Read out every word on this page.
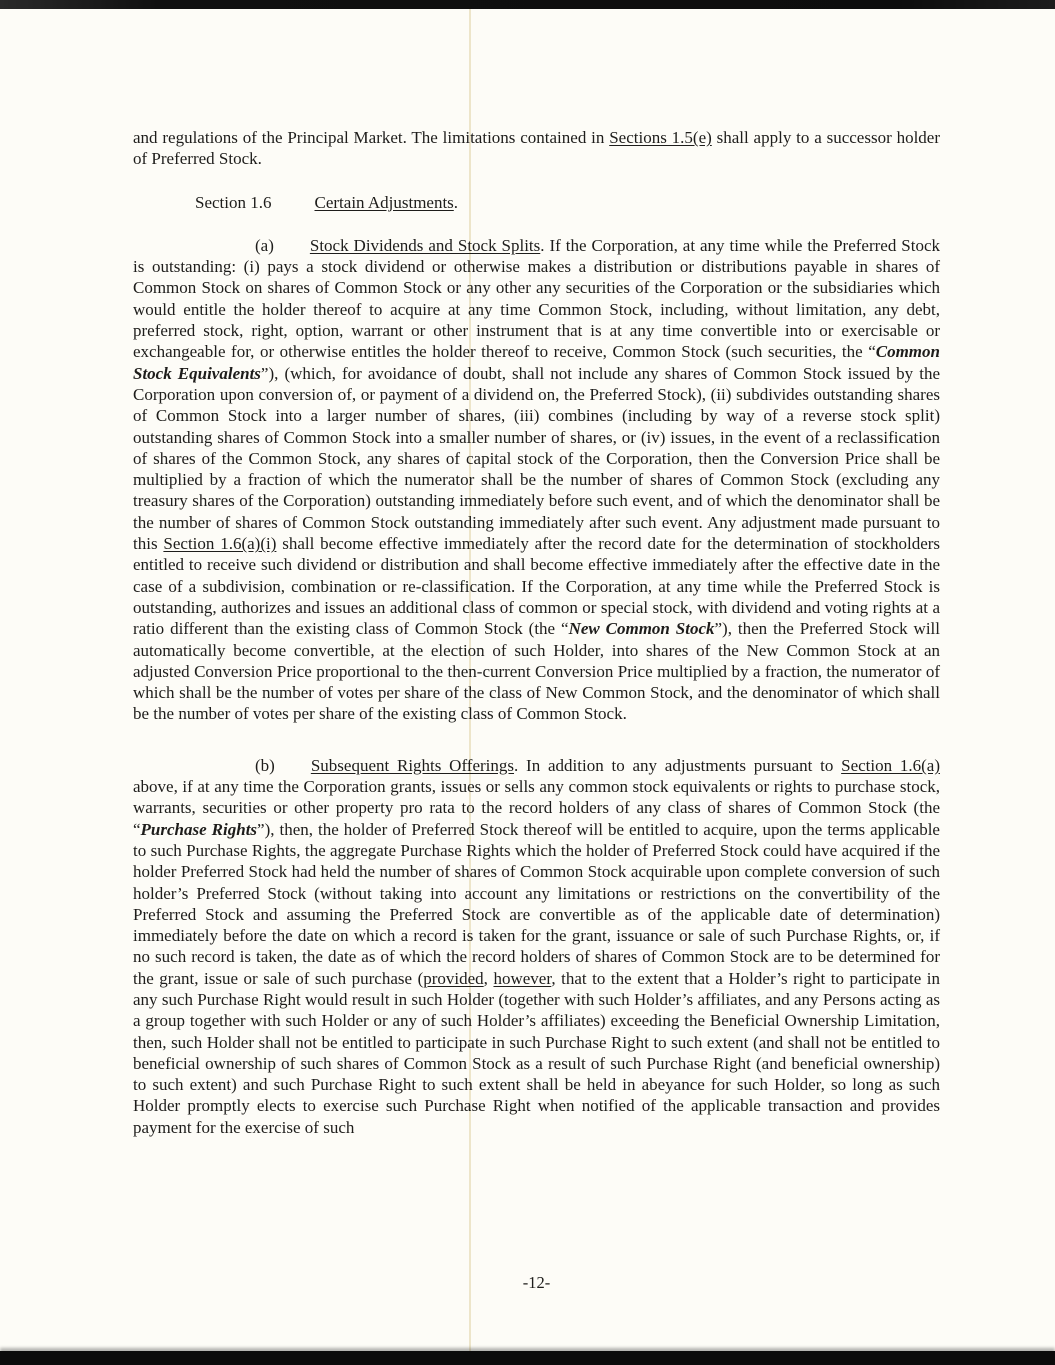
and regulations of the Principal Market. The limitations contained in Sections 1.5(e) shall apply to a successor holder of Preferred Stock.

Section 1.6	Certain Adjustments.

(a) Stock Dividends and Stock Splits. If the Corporation, at any time while the Preferred Stock is outstanding: (i) pays a stock dividend or otherwise makes a distribution or distributions payable in shares of Common Stock on shares of Common Stock or any other any securities of the Corporation or the subsidiaries which would entitle the holder thereof to acquire at any time Common Stock, including, without limitation, any debt, preferred stock, right, option, warrant or other instrument that is at any time convertible into or exercisable or exchangeable for, or otherwise entitles the holder thereof to receive, Common Stock (such securities, the “Common Stock Equivalents”), (which, for avoidance of doubt, shall not include any shares of Common Stock issued by the Corporation upon conversion of, or payment of a dividend on, the Preferred Stock), (ii) subdivides outstanding shares of Common Stock into a larger number of shares, (iii) combines (including by way of a reverse stock split) outstanding shares of Common Stock into a smaller number of shares, or (iv) issues, in the event of a reclassification of shares of the Common Stock, any shares of capital stock of the Corporation, then the Conversion Price shall be multiplied by a fraction of which the numerator shall be the number of shares of Common Stock (excluding any treasury shares of the Corporation) outstanding immediately before such event, and of which the denominator shall be the number of shares of Common Stock outstanding immediately after such event. Any adjustment made pursuant to this Section 1.6(a)(i) shall become effective immediately after the record date for the determination of stockholders entitled to receive such dividend or distribution and shall become effective immediately after the effective date in the case of a subdivision, combination or re-classification. If the Corporation, at any time while the Preferred Stock is outstanding, authorizes and issues an additional class of common or special stock, with dividend and voting rights at a ratio different than the existing class of Common Stock (the “New Common Stock”), then the Preferred Stock will automatically become convertible, at the election of such Holder, into shares of the New Common Stock at an adjusted Conversion Price proportional to the then-current Conversion Price multiplied by a fraction, the numerator of which shall be the number of votes per share of the class of New Common Stock, and the denominator of which shall be the number of votes per share of the existing class of Common Stock.

(b) Subsequent Rights Offerings. In addition to any adjustments pursuant to Section 1.6(a) above, if at any time the Corporation grants, issues or sells any common stock equivalents or rights to purchase stock, warrants, securities or other property pro rata to the record holders of any class of shares of Common Stock (the “Purchase Rights”), then, the holder of Preferred Stock thereof will be entitled to acquire, upon the terms applicable to such Purchase Rights, the aggregate Purchase Rights which the holder of Preferred Stock could have acquired if the holder Preferred Stock had held the number of shares of Common Stock acquirable upon complete conversion of such holder’s Preferred Stock (without taking into account any limitations or restrictions on the convertibility of the Preferred Stock and assuming the Preferred Stock are convertible as of the applicable date of determination) immediately before the date on which a record is taken for the grant, issuance or sale of such Purchase Rights, or, if no such record is taken, the date as of which the record holders of shares of Common Stock are to be determined for the grant, issue or sale of such purchase (provided, however, that to the extent that a Holder’s right to participate in any such Purchase Right would result in such Holder (together with such Holder’s affiliates, and any Persons acting as a group together with such Holder or any of such Holder’s affiliates) exceeding the Beneficial Ownership Limitation, then, such Holder shall not be entitled to participate in such Purchase Right to such extent (and shall not be entitled to beneficial ownership of such shares of Common Stock as a result of such Purchase Right (and beneficial ownership) to such extent) and such Purchase Right to such extent shall be held in abeyance for such Holder, so long as such Holder promptly elects to exercise such Purchase Right when notified of the applicable transaction and provides payment for the exercise of such

-12-
